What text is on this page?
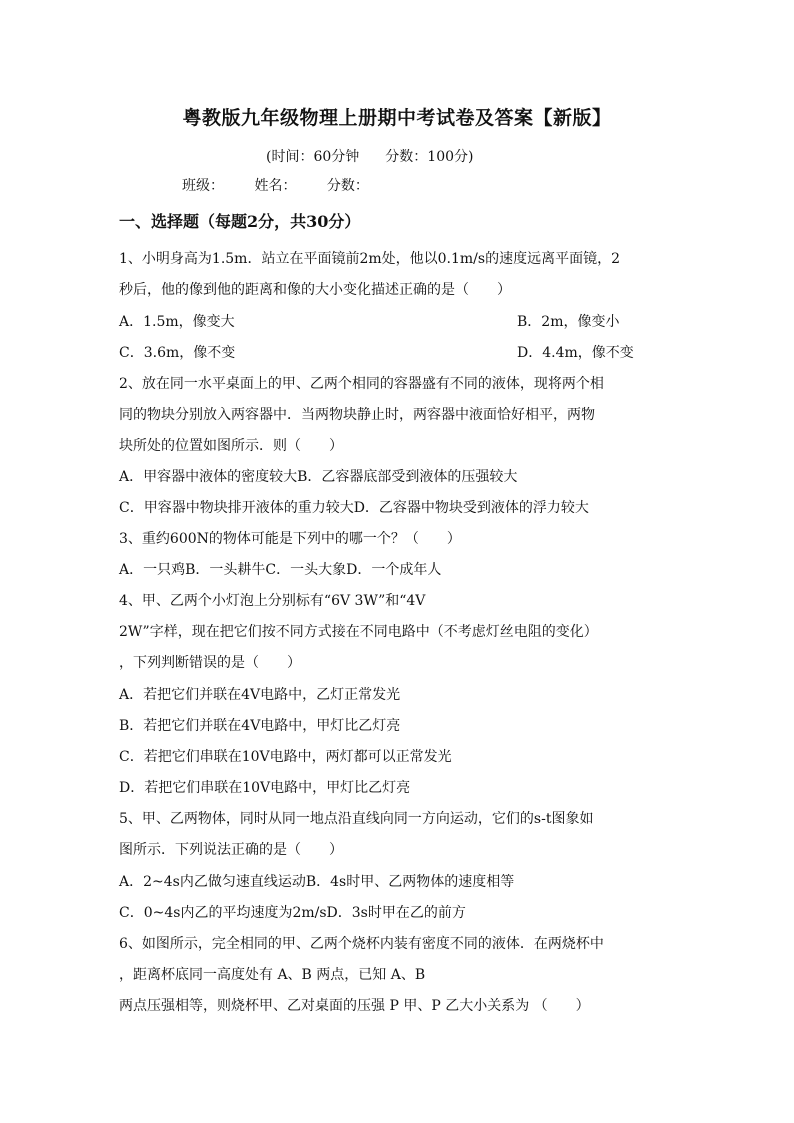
粤教版九年级物理上册期中考试卷及答案【新版】
(时间：60分钟 分数：100分)
班级： 姓名： 分数：
一、选择题（每题2分，共30分）
1、小明身高为1.5m．站立在平面镜前2m处，他以0.1m/s的速度远离平面镜，2
秒后，他的像到他的距离和像的大小变化描述正确的是（　　）
A．1.5m，像变大	B．2m，像变小
C．3.6m，像不变	D．4.4m，像不变
2、放在同一水平桌面上的甲、乙两个相同的容器盛有不同的液体，现将两个相
同的物块分别放入两容器中．当两物块静止时，两容器中液面恰好相平，两物
块所处的位置如图所示．则（　　）
A．甲容器中液体的密度较大B．乙容器底部受到液体的压强较大
C．甲容器中物块排开液体的重力较大D．乙容器中物块受到液体的浮力较大
3、重约600N的物体可能是下列中的哪一个？（　　）
A．一只鸡B．一头耕牛C．一头大象D．一个成年人
4、甲、乙两个小灯泡上分别标有“6V 3W”和“4V
2W”字样，现在把它们按不同方式接在不同电路中（不考虑灯丝电阻的变化）
，下列判断错误的是（　　）
A．若把它们并联在4V电路中，乙灯正常发光
B．若把它们并联在4V电路中，甲灯比乙灯亮
C．若把它们串联在10V电路中，两灯都可以正常发光
D．若把它们串联在10V电路中，甲灯比乙灯亮
5、甲、乙两物体，同时从同一地点沿直线向同一方向运动，它们的s-t图象如
图所示．下列说法正确的是（　　）
A．2~4s内乙做匀速直线运动B．4s时甲、乙两物体的速度相等
C．0~4s内乙的平均速度为2m/sD．3s时甲在乙的前方
6、如图所示，完全相同的甲、乙两个烧杯内装有密度不同的液体．在两烧杯中
，距离杯底同一高度处有 A、B 两点，已知 A、B
两点压强相等，则烧杯甲、乙对桌面的压强 P 甲、P 乙大小关系为 （　　）
